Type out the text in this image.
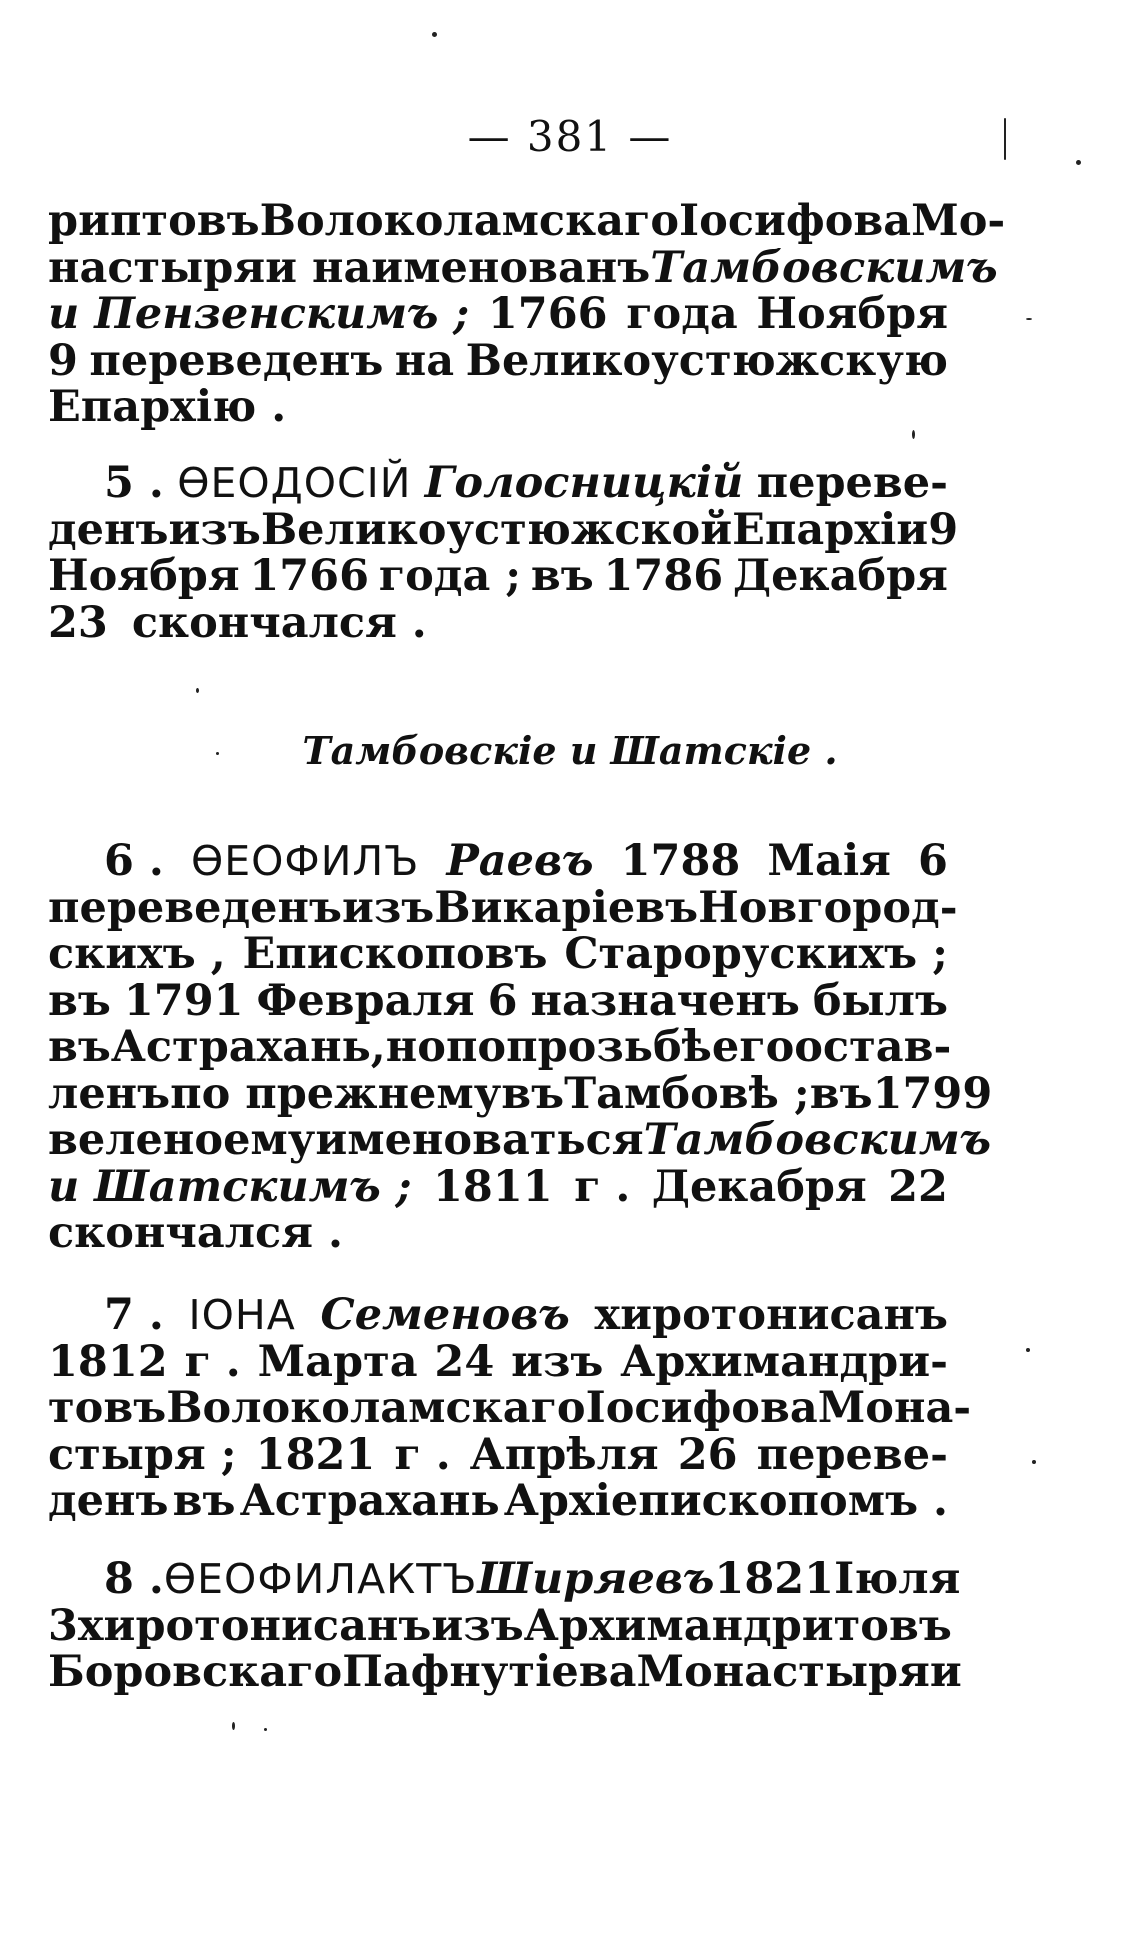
— 381 —
риптовъ Волоколамскаго Іосифова Мо-
настыря и наименованъ Тамбовскимъ
и Пензенскимъ ; 1766 года Ноября
9 переведенъ на Великоустюжскую
Епархію .
5 . ѲЕОДОСІЙ Голосницкій переве-
денъ изъ Великоустюжской Епархіи 9
Ноября 1766 года ; въ 1786 Декабря
23 скончался .
Тамбовскіе и Шатскіе .
6 . ѲЕОФИЛЪ Раевъ 1788 Маія 6
переведенъ изъ Викаріевъ Новгород-
скихъ , Епископовъ Старорускихъ ;
въ 1791 Февраля 6 назначенъ былъ
въ Астрахань, но по прозьбѣ его остав-
ленъ по прежнему въ Тамбовѣ ; въ 1799
велено ему именоваться Тамбовскимъ
и Шатскимъ ; 1811 г . Декабря 22
скончался .
7 . ІОНА Семеновъ хиротонисанъ
1812 г . Марта 24 изъ Архимандри-
товъ Волоколамскаго Іосифова Мона-
стыря ; 1821 г . Апрѣля 26 переве-
денъ въ Астрахань Архіепископомъ .
8 . ѲЕОФИЛАКТЪ Ширяевъ 1821 Іюля
3 хиротонисанъ изъ Архимандритовъ
Боровскаго Пафнутіева Монастыря и
